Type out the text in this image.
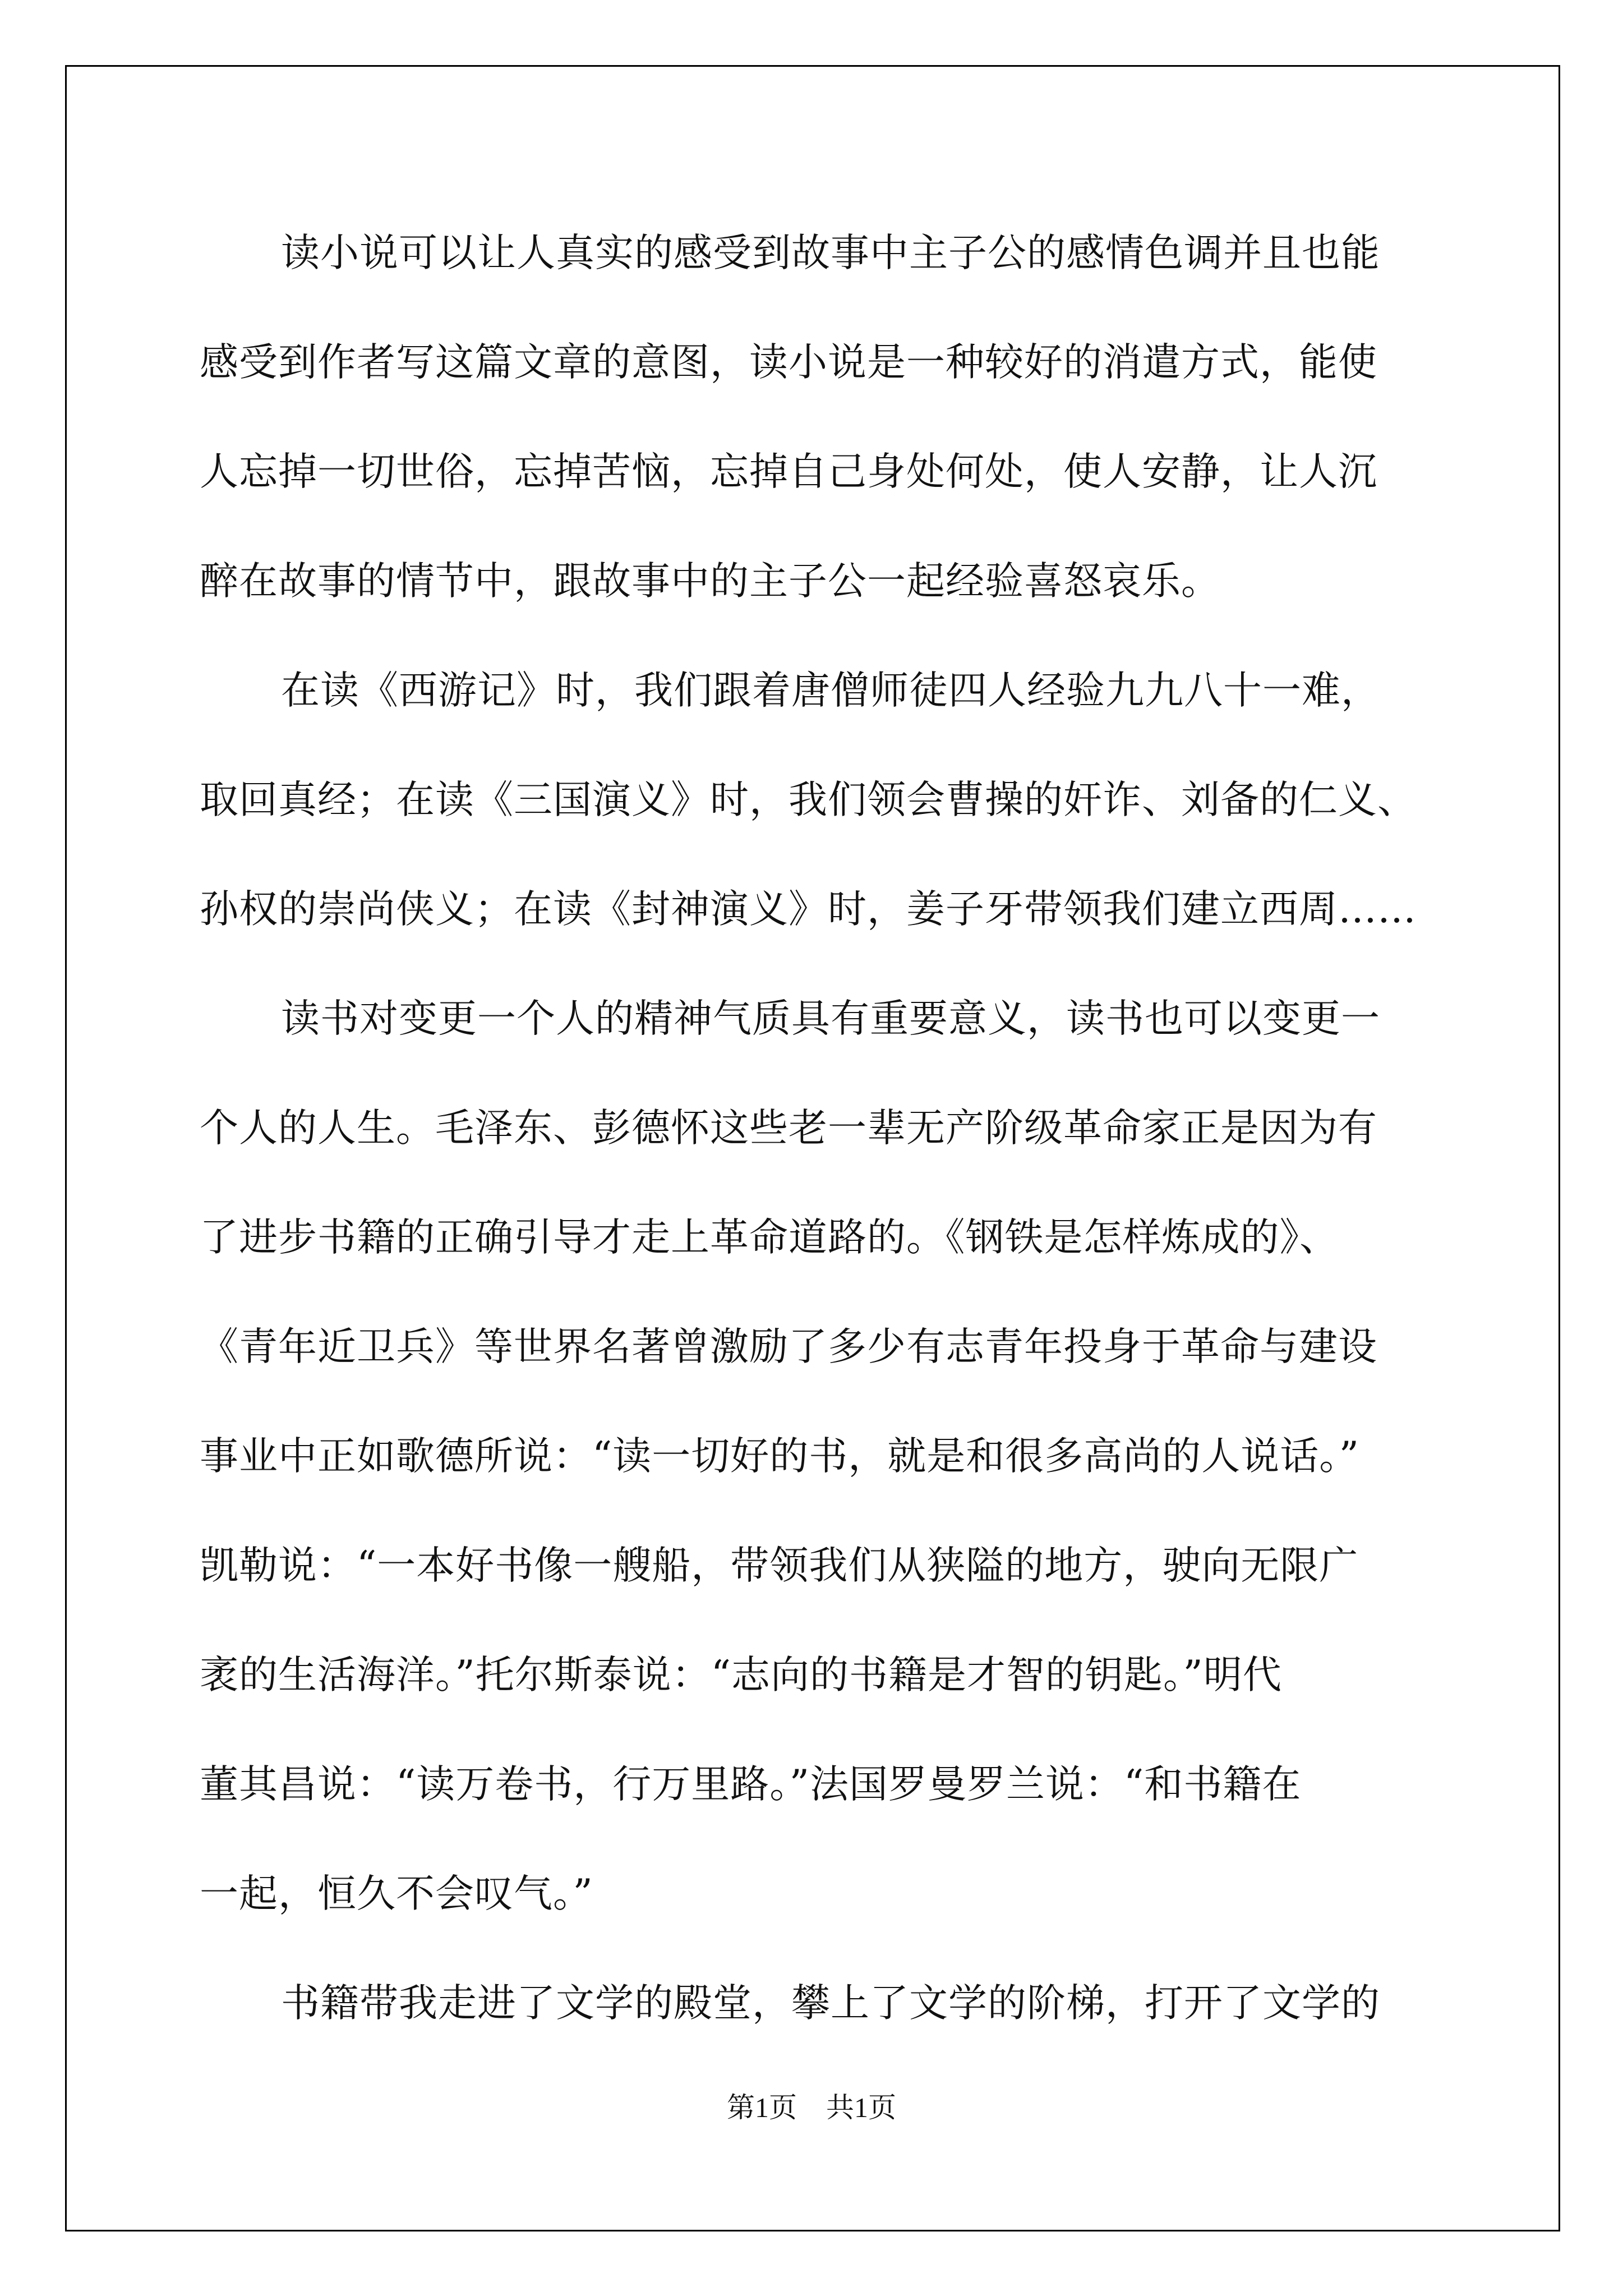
读小说可以让人真实的感受到故事中主子公的感情色调并且也能
感受到作者写这篇文章的意图，读小说是一种较好的消遣方式，能使
人忘掉一切世俗，忘掉苦恼，忘掉自己身处何处，使人安静，让人沉
醉在故事的情节中，跟故事中的主子公一起经验喜怒哀乐。
在读《西游记》时，我们跟着唐僧师徒四人经验九九八十一难，
取回真经；在读《三国演义》时，我们领会曹操的奸诈、刘备的仁义、
孙权的崇尚侠义；在读《封神演义》时，姜子牙带领我们建立西周……
读书对变更一个人的精神气质具有重要意义，读书也可以变更一
个人的人生。毛泽东、彭德怀这些老一辈无产阶级革命家正是因为有
了进步书籍的正确引导才走上革命道路的。《钢铁是怎样炼成的》、
《青年近卫兵》等世界名著曾激励了多少有志青年投身于革命与建设
事业中正如歌德所说：“读一切好的书，就是和很多高尚的人说话。”
凯勒说：“一本好书像一艘船，带领我们从狭隘的地方，驶向无限广
袤的生活海洋。”托尔斯泰说：“志向的书籍是才智的钥匙。”明代
董其昌说：“读万卷书，行万里路。”法国罗曼罗兰说：“和书籍在
一起，恒久不会叹气。”
书籍带我走进了文学的殿堂，攀上了文学的阶梯，打开了文学的
第1页 共1页
